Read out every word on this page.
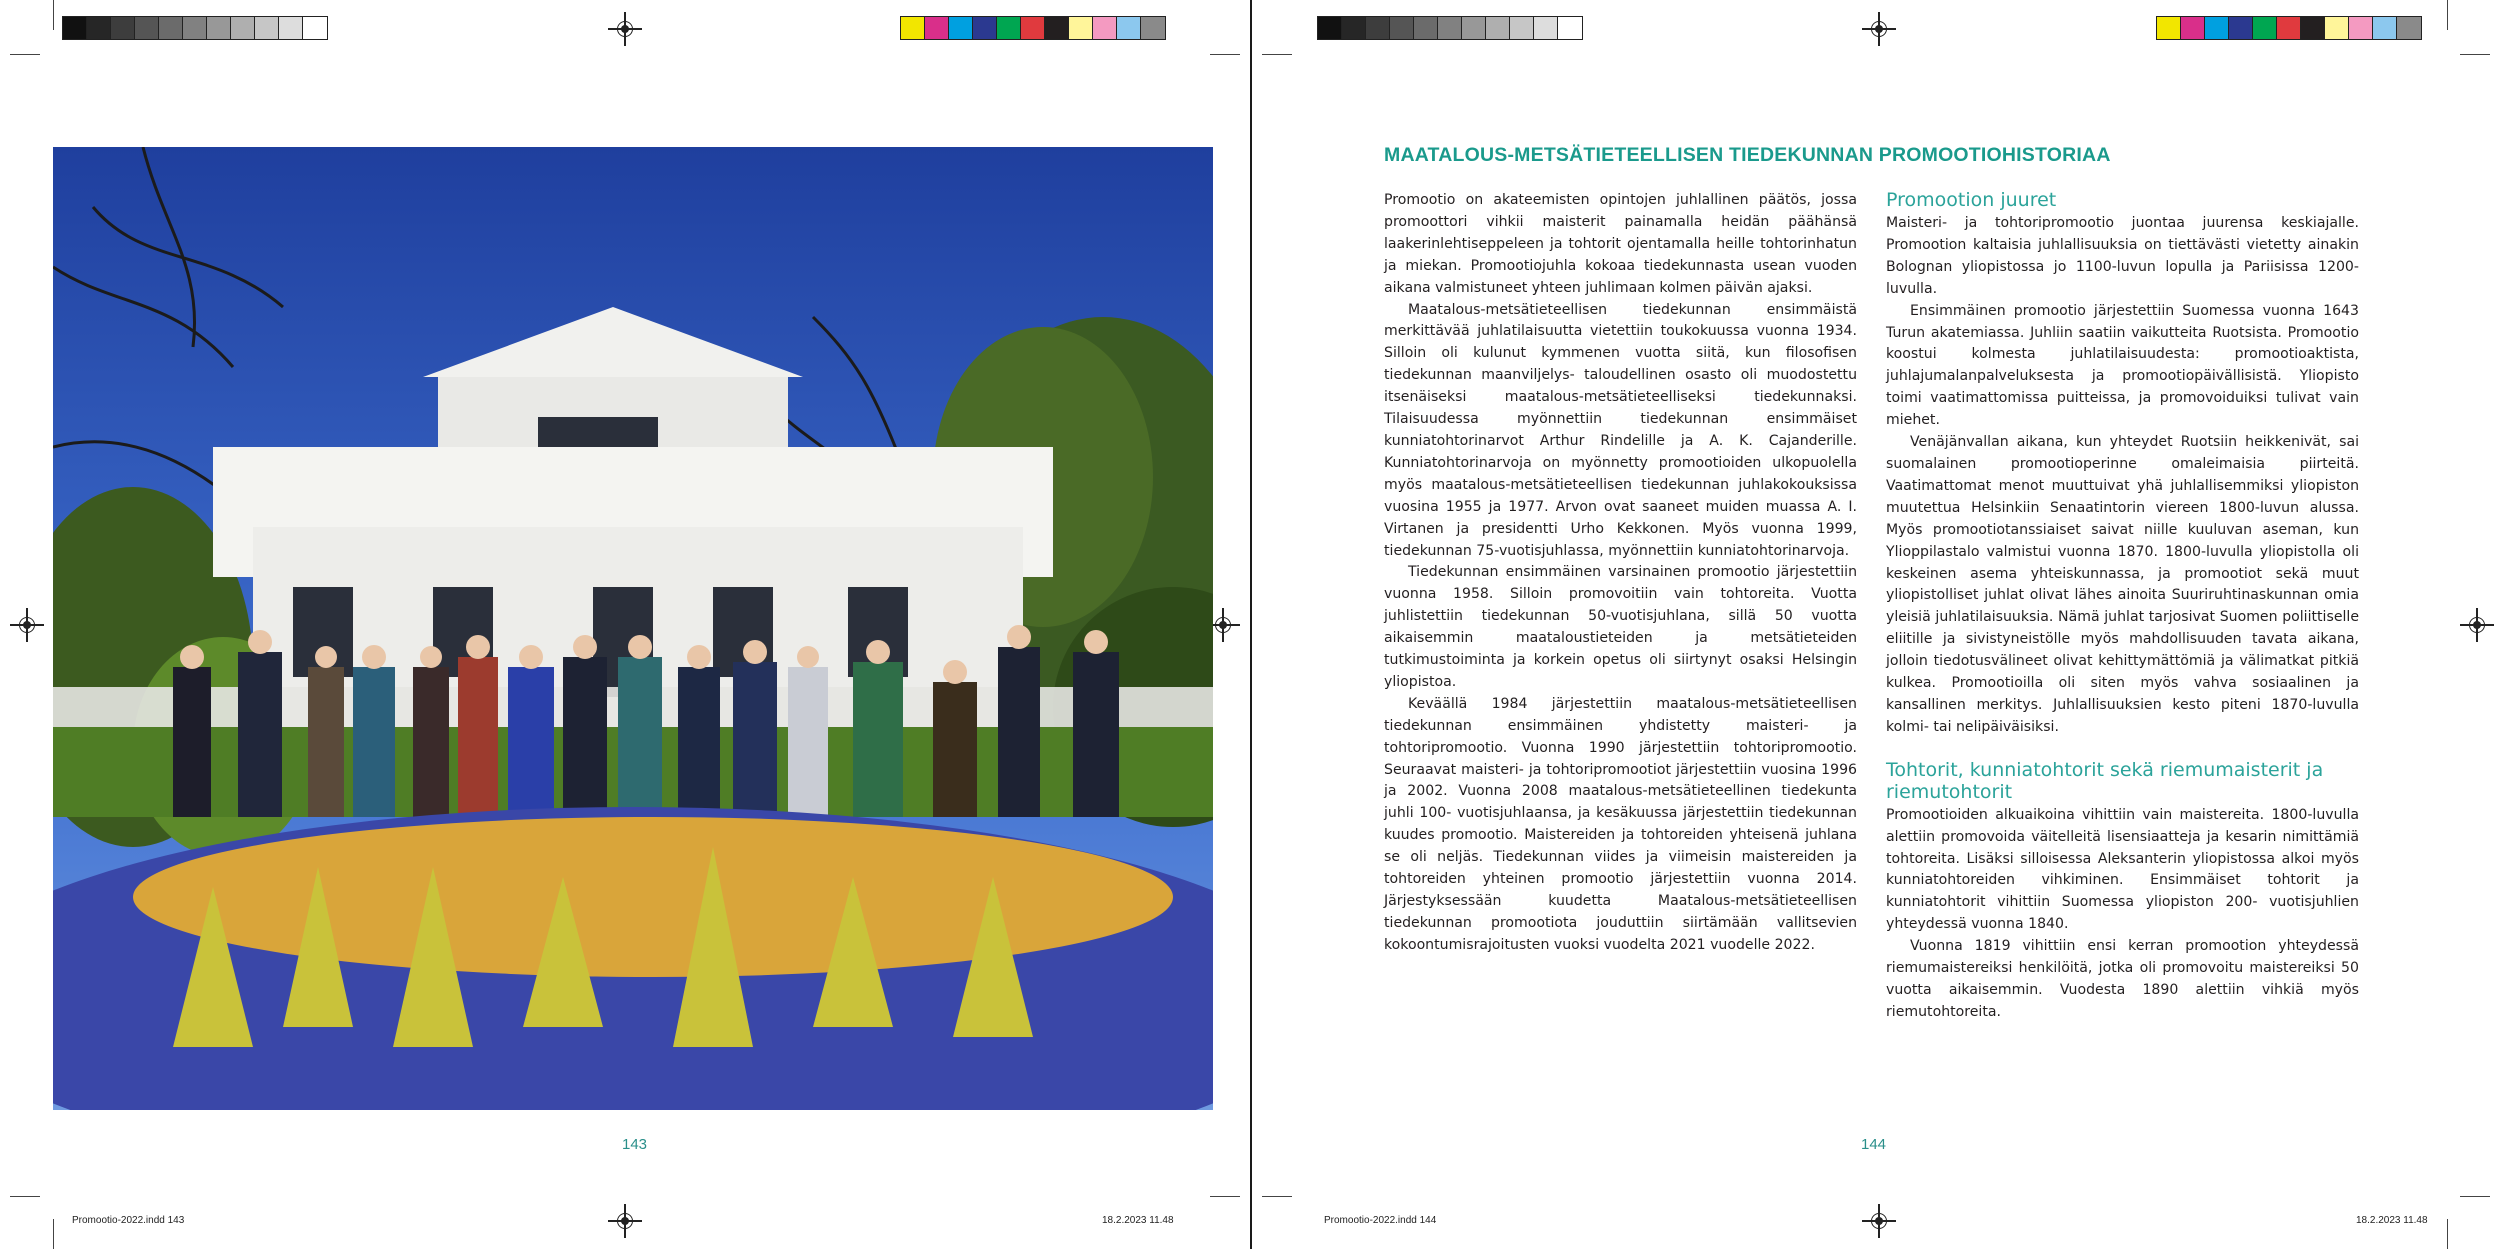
143
Promootio-2022.indd 143	18.2.2023 11.48
MAATALOUS-METSÄTIETEELLISEN TIEDEKUNNAN PROMOOTIOHISTORIAA

Promootio on akateemisten opintojen juhlallinen päätös, jossa promoottori vihkii maisterit painamalla heidän päähänsä laakerinlehtiseppeleen ja tohtorit ojentamalla heille tohtorinhatun ja miekan. Promootiojuhla kokoaa tiedekunnasta usean vuoden aikana valmistuneet yhteen juhlimaan kolmen päivän ajaksi.

Maatalous-metsätieteellisen tiedekunnan ensimmäistä merkittävää juhlatilaisuutta vietettiin toukokuussa vuonna 1934. Silloin oli kulunut kymmenen vuotta siitä, kun filosofisen tiedekunnan maanviljelys- taloudellinen osasto oli muodostettu itsenäiseksi maatalous-metsätieteelliseksi tiedekunnaksi. Tilaisuudessa myönnettiin tiedekunnan ensimmäiset kunniatohtorinarvot Arthur Rindelille ja A. K. Cajanderille. Kunniatohtorinarvoja on myönnetty promootioiden ulkopuolella myös maatalous-metsätieteellisen tiedekunnan juhlakokouksissa vuosina 1955 ja 1977. Arvon ovat saaneet muiden muassa A. I. Virtanen ja presidentti Urho Kekkonen. Myös vuonna 1999, tiedekunnan 75-vuotisjuhlassa, myönnettiin kunniatohtorinarvoja.

Tiedekunnan ensimmäinen varsinainen promootio järjestettiin vuonna 1958. Silloin promovoitiin vain tohtoreita. Vuotta juhlistettiin tiedekunnan 50-vuotisjuhlana, sillä 50 vuotta aikaisemmin maataloustieteiden ja metsätieteiden tutkimustoiminta ja korkein opetus oli siirtynyt osaksi Helsingin yliopistoa.

Keväällä 1984 järjestettiin maatalous-metsätieteellisen tiedekunnan ensimmäinen yhdistetty maisteri- ja tohtoripromootio. Vuonna 1990 järjestettiin tohtoripromootio. Seuraavat maisteri- ja tohtoripromootiot järjestettiin vuosina 1996 ja 2002. Vuonna 2008 maatalous-metsätieteellinen tiedekunta juhli 100- vuotisjuhlaansa, ja kesäkuussa järjestettiin tiedekunnan kuudes promootio. Maistereiden ja tohtoreiden yhteisenä juhlana se oli neljäs. Tiedekunnan viides ja viimeisin maistereiden ja tohtoreiden yhteinen promootio järjestettiin vuonna 2014. Järjestyksessään kuudetta Maatalous-metsätieteellisen tiedekunnan promootiota jouduttiin siirtämään vallitsevien kokoontumisrajoitusten vuoksi vuodelta 2021 vuodelle 2022.

Promootion juuret

Maisteri- ja tohtoripromootio juontaa juurensa keskiajalle. Promootion kaltaisia juhlallisuuksia on tiettävästi vietetty ainakin Bolognan yliopistossa jo 1100-luvun lopulla ja Pariisissa 1200-luvulla.

Ensimmäinen promootio järjestettiin Suomessa vuonna 1643 Turun akatemiassa. Juhliin saatiin vaikutteita Ruotsista. Promootio koostui kolmesta juhlatilaisuudesta: promootioaktista, juhlajumalanpalveluksesta ja promootiopäivällisistä. Yliopisto toimi vaatimattomissa puitteissa, ja promovoiduiksi tulivat vain miehet.

Venäjänvallan aikana, kun yhteydet Ruotsiin heikkenivät, sai suomalainen promootioperinne omaleimaisia piirteitä. Vaatimattomat menot muuttuivat yhä juhlallisemmiksi yliopiston muutettua Helsinkiin Senaatintorin viereen 1800-luvun alussa. Myös promootiotanssiaiset saivat niille kuuluvan aseman, kun Ylioppilastalo valmistui vuonna 1870. 1800-luvulla yliopistolla oli keskeinen asema yhteiskunnassa, ja promootiot sekä muut yliopistolliset juhlat olivat lähes ainoita Suuriruhtinaskunnan omia yleisiä juhlatilaisuuksia. Nämä juhlat tarjosivat Suomen poliittiselle eliitille ja sivistyneistölle myös mahdollisuuden tavata aikana, jolloin tiedotusvälineet olivat kehittymättömiä ja välimatkat pitkiä kulkea. Promootioilla oli siten myös vahva sosiaalinen ja kansallinen merkitys. Juhlallisuuksien kesto piteni 1870-luvulla kolmi- tai nelipäiväisiksi.

Tohtorit, kunniatohtorit sekä riemumaisterit ja riemutohtorit

Promootioiden alkuaikoina vihittiin vain maistereita. 1800-luvulla alettiin promovoida väitelleitä lisensiaatteja ja kesarin nimittämiä tohtoreita. Lisäksi silloisessa Aleksanterin yliopistossa alkoi myös kunniatohtoreiden vihkiminen. Ensimmäiset tohtorit ja kunniatohtorit vihittiin Suomessa yliopiston 200- vuotisjuhlien yhteydessä vuonna 1840.

Vuonna 1819 vihittiin ensi kerran promootion yhteydessä riemumaistereiksi henkilöitä, jotka oli promovoitu maistereiksi 50 vuotta aikaisemmin. Vuodesta 1890 alettiin vihkiä myös riemutohtoreita.

144
Promootio-2022.indd 144	18.2.2023 11.48
